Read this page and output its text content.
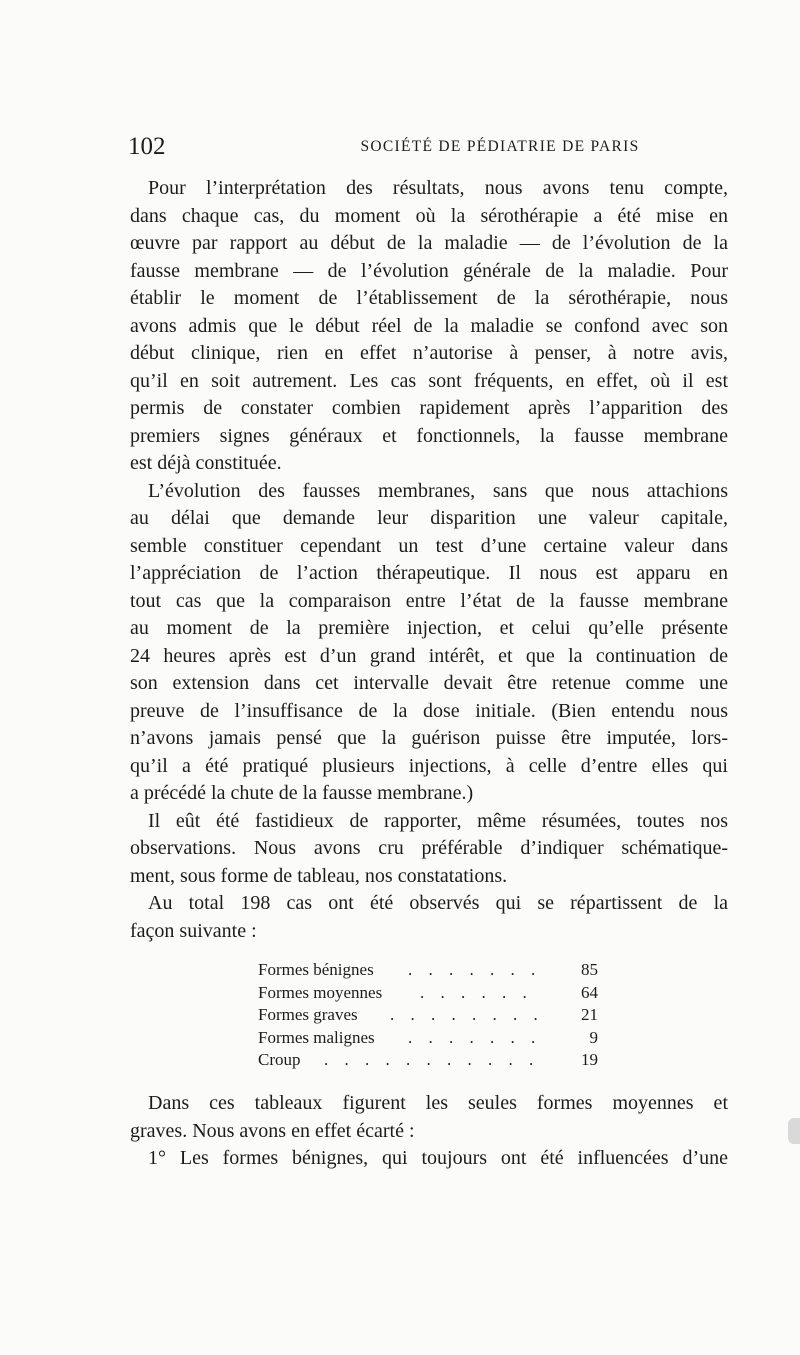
102	SOCIÉTÉ DE PÉDIATRIE DE PARIS
Pour l’interprétation des résultats, nous avons tenu compte,
dans chaque cas, du moment où la sérothérapie a été mise en
œuvre par rapport au début de la maladie — de l’évolution de la
fausse membrane — de l’évolution générale de la maladie. Pour
établir le moment de l’établissement de la sérothérapie, nous
avons admis que le début réel de la maladie se confond avec son
début clinique, rien en effet n’autorise à penser, à notre avis,
qu’il en soit autrement. Les cas sont fréquents, en effet, où il est
permis de constater combien rapidement après l’apparition des
premiers signes généraux et fonctionnels, la fausse membrane
est déjà constituée.
L’évolution des fausses membranes, sans que nous attachions
au délai que demande leur disparition une valeur capitale,
semble constituer cependant un test d’une certaine valeur dans
l’appréciation de l’action thérapeutique. Il nous est apparu en
tout cas que la comparaison entre l’état de la fausse membrane
au moment de la première injection, et celui qu’elle présente
24 heures après est d’un grand intérêt, et que la continuation de
son extension dans cet intervalle devait être retenue comme une
preuve de l’insuffisance de la dose initiale. (Bien entendu nous
n’avons jamais pensé que la guérison puisse être imputée, lors-
qu’il a été pratiqué plusieurs injections, à celle d’entre elles qui
a précédé la chute de la fausse membrane.)
Il eût été fastidieux de rapporter, même résumées, toutes nos
observations. Nous avons cru préférable d’indiquer schématique-
ment, sous forme de tableau, nos constatations.
Au total 198 cas ont été observés qui se répartissent de la
façon suivante :
Formes bénignes . . . . . . . 85
Formes moyennes . . . . . .	64
Formes graves . . . . . . . . 21
Formes malignes . . . . . . .	9
Croup . . . . . . . . . . . 19
Dans ces tableaux figurent les seules formes moyennes et
graves. Nous avons en effet écarté :
1° Les formes bénignes, qui toujours ont été influencées d’une
